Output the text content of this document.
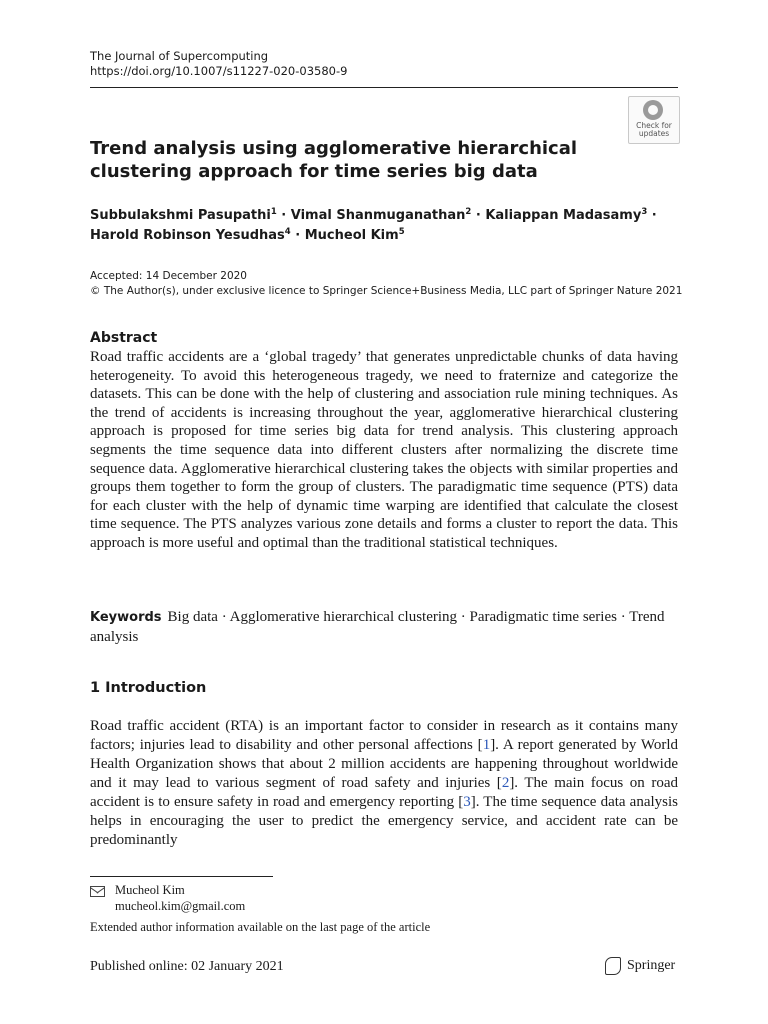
The Journal of Supercomputing
https://doi.org/10.1007/s11227-020-03580-9
Check for
updates
Trend analysis using agglomerative hierarchical clustering approach for time series big data
Subbulakshmi Pasupathi$^1$ · Vimal Shanmuganathan$^2$ · Kaliappan Madasamy$^3$ ·
Harold Robinson Yesudhas$^4$ · Mucheol Kim$^5$
Accepted: 14 December 2020
© The Author(s), under exclusive licence to Springer Science+Business Media, LLC part of Springer Nature 2021
Abstract

Road traffic accidents are a ‘global tragedy’ that generates unpredictable chunks of data having heterogeneity. To avoid this heterogeneous tragedy, we need to fraternize and categorize the datasets. This can be done with the help of clustering and association rule mining techniques. As the trend of accidents is increasing throughout the year, agglomerative hierarchical clustering approach is proposed for time series big data for trend analysis. This clustering approach segments the time sequence data into different clusters after normalizing the discrete time sequence data. Agglomerative hierarchical clustering takes the objects with similar properties and groups them together to form the group of clusters. The paradigmatic time sequence (PTS) data for each cluster with the help of dynamic time warping are identified that calculate the closest time sequence. The PTS analyzes various zone details and forms a cluster to report the data. This approach is more useful and optimal than the traditional statistical techniques.

Keywords Big data · Agglomerative hierarchical clustering · Paradigmatic time series · Trend analysis
1 Introduction

Road traffic accident (RTA) is an important factor to consider in research as it contains many factors; injuries lead to disability and other personal affections [1]. A report generated by World Health Organization shows that about 2 million accidents are happening throughout worldwide and it may lead to various segment of road safety and injuries [2]. The main focus on road accident is to ensure safety in road and emergency reporting [3]. The time sequence data analysis helps in encouraging the user to predict the emergency service, and accident rate can be predominantly

Mucheol Kim
mucheol.kim@gmail.com
Extended author information available on the last page of the article
Published online: 02 January 2021	Springer
